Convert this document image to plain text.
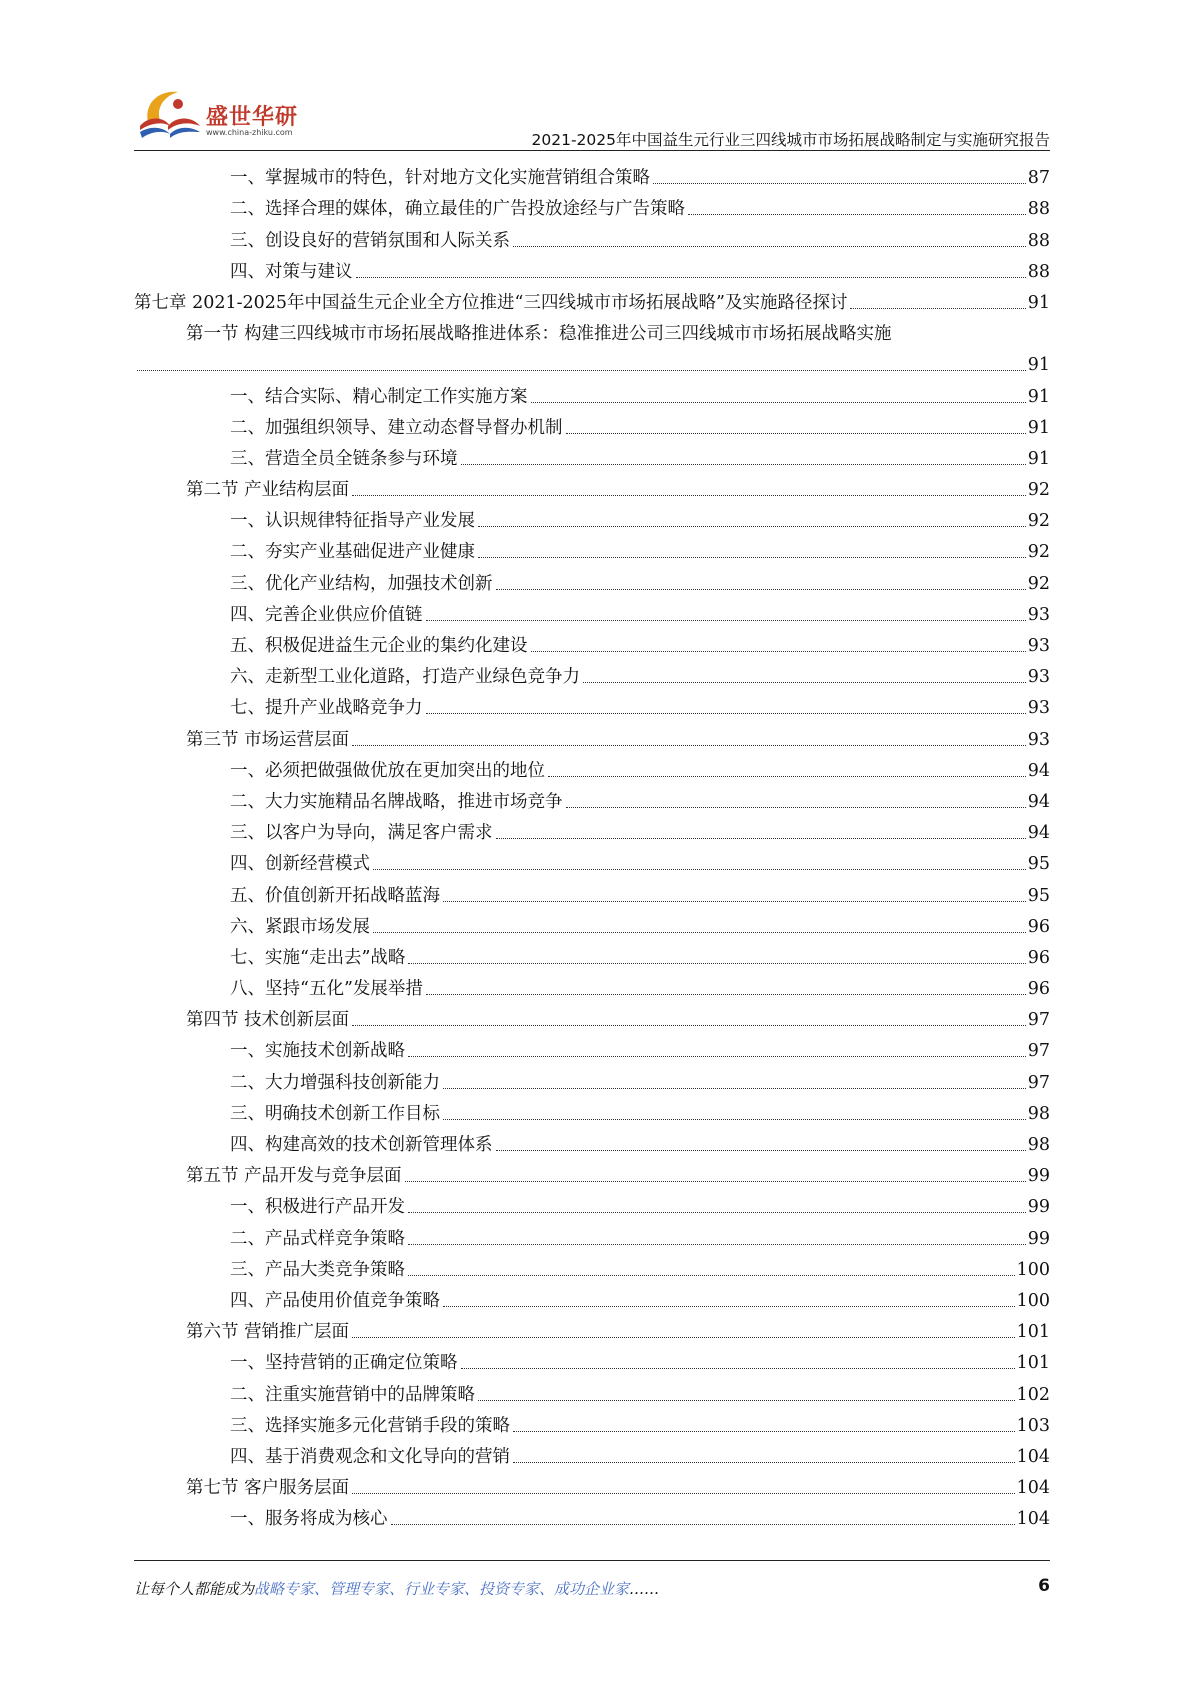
盛世华研
www.china-zhiku.com	2021-2025年中国益生元行业三四线城市市场拓展战略制定与实施研究报告
一、掌握城市的特色，针对地方文化实施营销组合策略	87
二、选择合理的媒体，确立最佳的广告投放途经与广告策略	88
三、创设良好的营销氛围和人际关系	88
四、对策与建议	88
第七章 2021-2025年中国益生元企业全方位推进“三四线城市市场拓展战略”及实施路径探讨	91
第一节 构建三四线城市市场拓展战略推进体系：稳准推进公司三四线城市市场拓展战略实施
91
一、结合实际、精心制定工作实施方案	91
二、加强组织领导、建立动态督导督办机制	91
三、营造全员全链条参与环境	91
第二节 产业结构层面	92
一、认识规律特征指导产业发展	92
二、夯实产业基础促进产业健康	92
三、优化产业结构，加强技术创新	92
四、完善企业供应价值链	93
五、积极促进益生元企业的集约化建设	93
六、走新型工业化道路，打造产业绿色竞争力	93
七、提升产业战略竞争力	93
第三节 市场运营层面	93
一、必须把做强做优放在更加突出的地位	94
二、大力实施精品名牌战略，推进市场竞争	94
三、以客户为导向，满足客户需求	94
四、创新经营模式	95
五、价值创新开拓战略蓝海	95
六、紧跟市场发展	96
七、实施“走出去”战略	96
八、坚持“五化”发展举措	96
第四节 技术创新层面	97
一、实施技术创新战略	97
二、大力增强科技创新能力	97
三、明确技术创新工作目标	98
四、构建高效的技术创新管理体系	98
第五节 产品开发与竞争层面	99
一、积极进行产品开发	99
二、产品式样竞争策略	99
三、产品大类竞争策略	100
四、产品使用价值竞争策略	100
第六节 营销推广层面	101
一、坚持营销的正确定位策略	101
二、注重实施营销中的品牌策略	102
三、选择实施多元化营销手段的策略	103
四、基于消费观念和文化导向的营销	104
第七节 客户服务层面	104
一、服务将成为核心	104
让每个人都能成为战略专家、管理专家、行业专家、投资专家、成功企业家……	6
